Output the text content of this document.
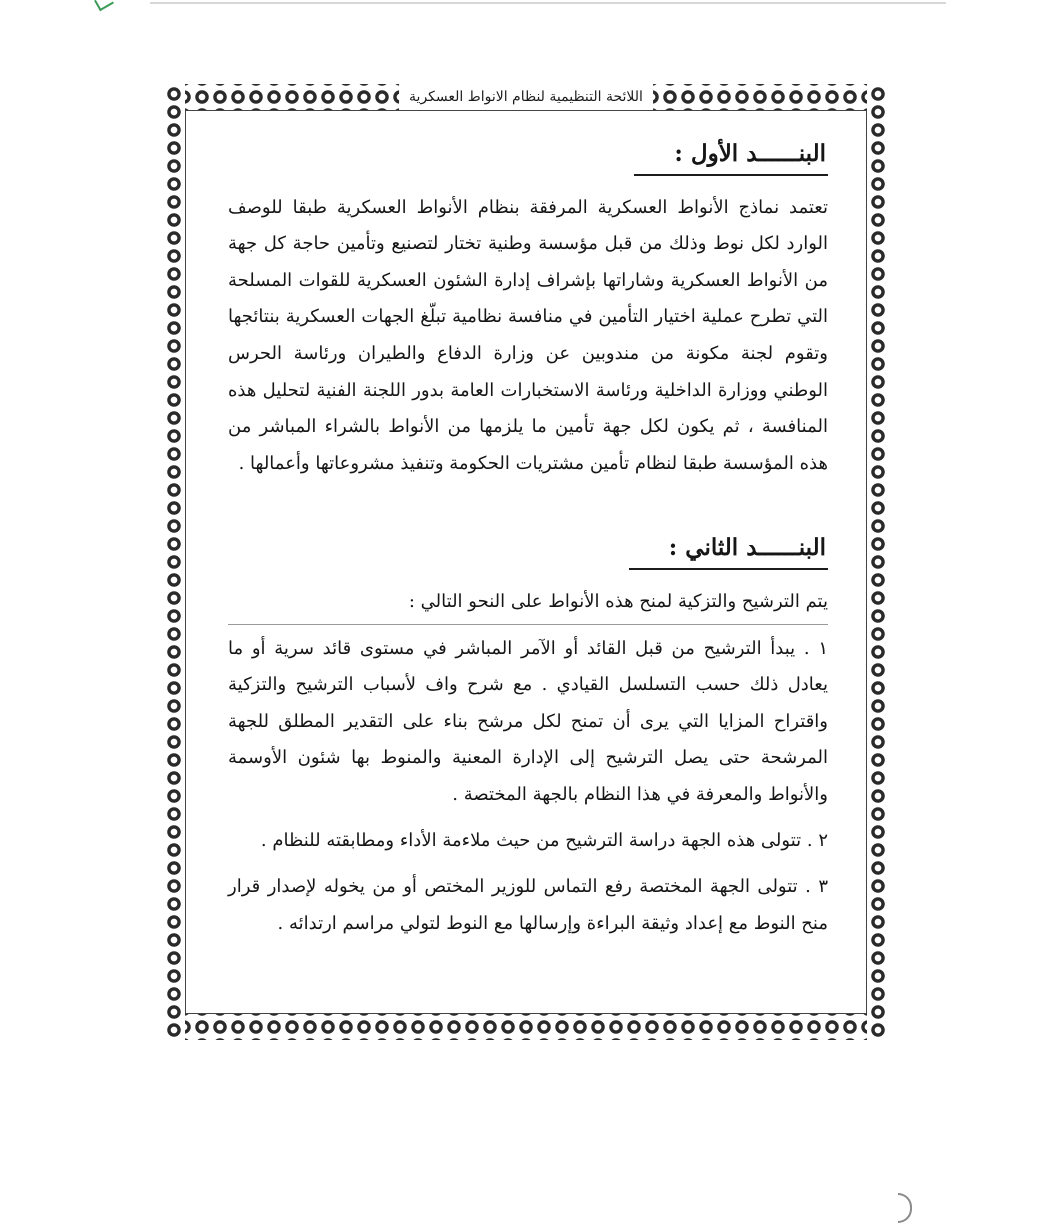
اللائحة التنظيمية لنظام الانواط العسكرية
البنــــــد الأول :

تعتمد نماذج الأنواط العسكرية المرفقة بنظام الأنواط العسكرية طبقا للوصف الوارد لكل نوط وذلك من قبل مؤسسة وطنية تختار لتصنيع وتأمين حاجة كل جهة من الأنواط العسكرية وشاراتها بإشراف إدارة الشئون العسكرية للقوات المسلحة التي تطرح عملية اختيار التأمين في منافسة نظامية تبلّغ الجهات العسكرية بنتائجها وتقوم لجنة مكونة من مندوبين عن وزارة الدفاع والطيران ورئاسة الحرس الوطني ووزارة الداخلية ورئاسة الاستخبارات العامة بدور اللجنة الفنية لتحليل هذه المنافسة ، ثم يكون لكل جهة تأمين ما يلزمها من الأنواط بالشراء المباشر من هذه المؤسسة طبقا لنظام تأمين مشتريات الحكومة وتنفيذ مشروعاتها وأعمالها .

البنــــــد الثاني :

يتم الترشيح والتزكية لمنح هذه الأنواط على النحو التالي :

١ . يبدأ الترشيح من قبل القائد أو الآمر المباشر في مستوى قائد سرية أو ما يعادل ذلك حسب التسلسل القيادي . مع شرح واف لأسباب الترشيح والتزكية واقتراح المزايا التي يرى أن تمنح لكل مرشح بناء على التقدير المطلق للجهة المرشحة حتى يصل الترشيح إلى الإدارة المعنية والمنوط بها شئون الأوسمة والأنواط والمعرفة في هذا النظام بالجهة المختصة .

٢ . تتولى هذه الجهة دراسة الترشيح من حيث ملاءمة الأداء ومطابقته للنظام .

٣ . تتولى الجهة المختصة رفع التماس للوزير المختص أو من يخوله لإصدار قرار منح النوط مع إعداد وثيقة البراءة وإرسالها مع النوط لتولي مراسم ارتدائه .
